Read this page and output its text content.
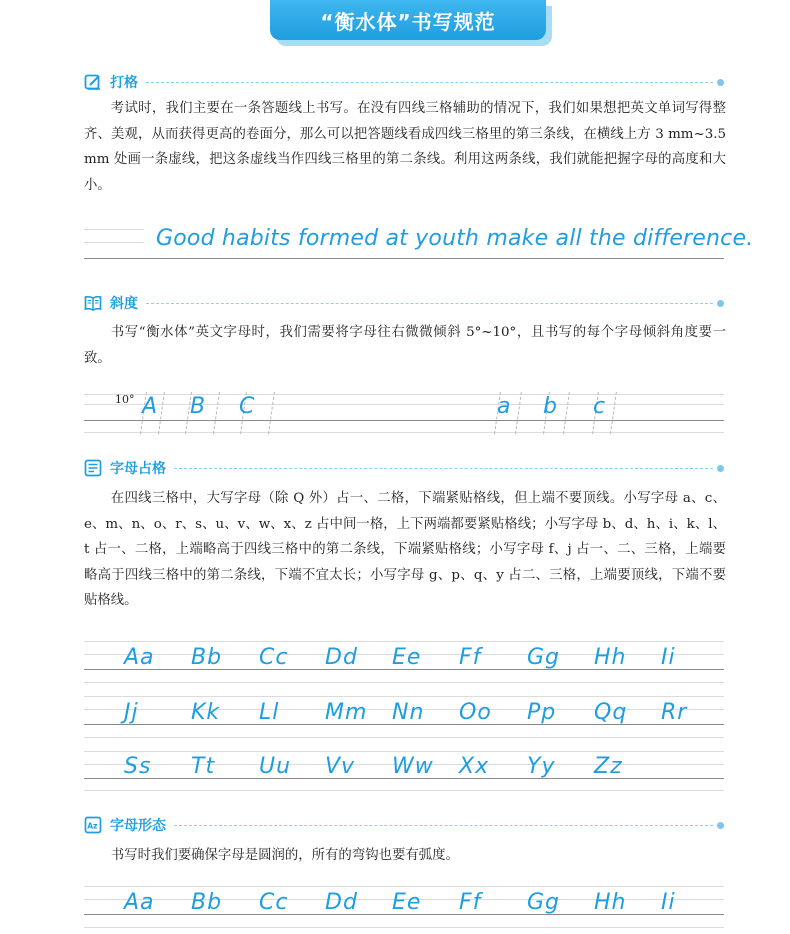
“衡水体”书写规范
打格

考试时，我们主要在一条答题线上书写。在没有四线三格辅助的情况下，我们如果想把英文单词写得整齐、美观，从而获得更高的卷面分，那么可以把答题线看成四线三格里的第三条线，在横线上方 3 mm~3.5 mm 处画一条虚线，把这条虚线当作四线三格里的第二条线。利用这两条线，我们就能把握字母的高度和大小。

Good habits formed at youth make all the difference.
斜度

书写“衡水体”英文字母时，我们需要将字母往右微微倾斜 5°~10°，且书写的每个字母倾斜角度要一致。

10° A B C	a b c
字母占格

在四线三格中，大写字母（除 Q 外）占一、二格，下端紧贴格线，但上端不要顶线。小写字母 a、c、e、m、n、o、r、s、u、v、w、x、z 占中间一格，上下两端都要紧贴格线；小写字母 b、d、h、i、k、l、t 占一、二格，上端略高于四线三格中的第二条线，下端紧贴格线；小写字母 f、j 占一、二、三格，上端要略高于四线三格中的第二条线，下端不宜太长；小写字母 g、p、q、y 占二、三格，上端要顶线，下端不要贴格线。

Aa Bb Cc Dd Ee Ff Gg Hh Ii
Jj Kk Ll Mm Nn Oo Pp Qq Rr
Ss Tt Uu Vv Ww Xx Yy Zz
Az 字母形态

书写时我们要确保字母是圆润的，所有的弯钩也要有弧度。

Aa Bb Cc Dd Ee Ff Gg Hh Ii
